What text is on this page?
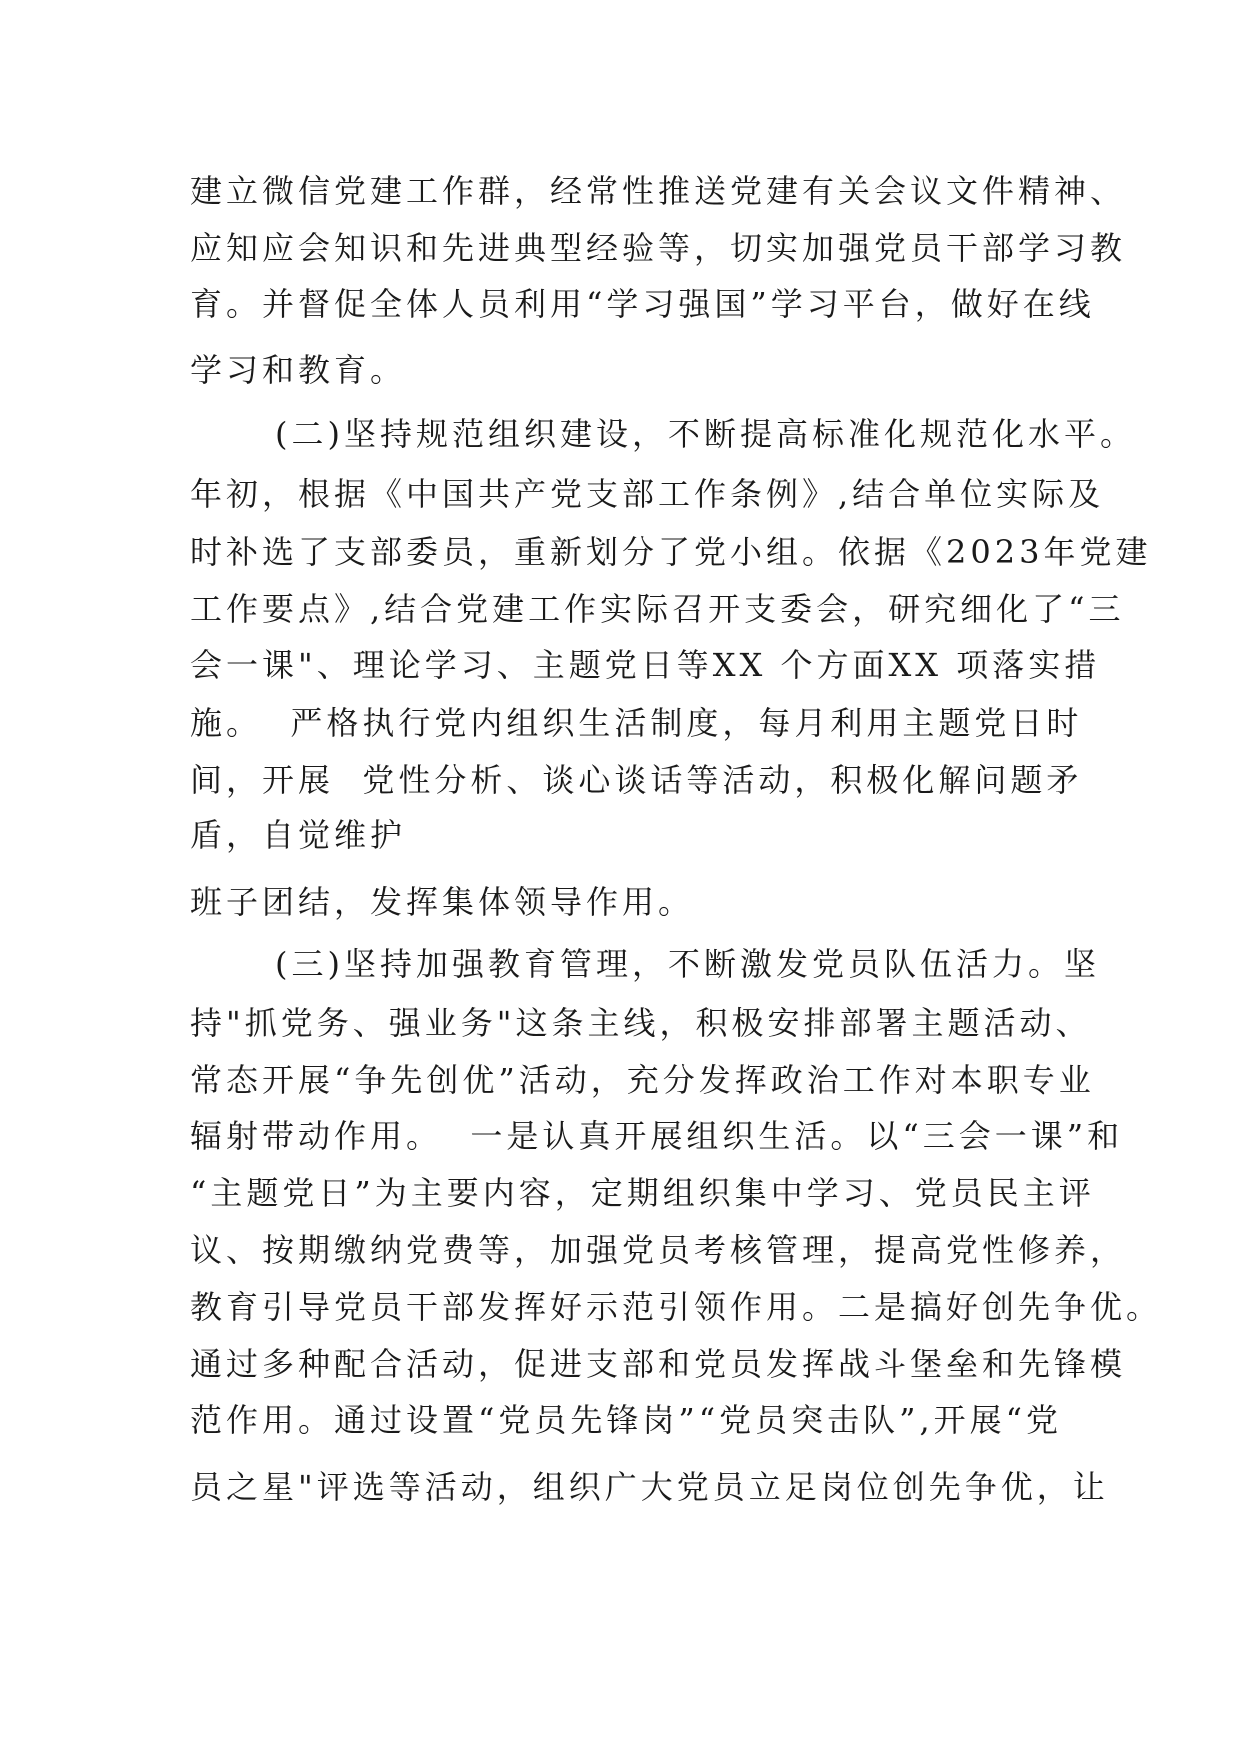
建立微信党建工作群，经常性推送党建有关会议文件精神、
应知应会知识和先进典型经验等，切实加强党员干部学习教
育。并督促全体人员利用“学习强国”学习平台，做好在线
学习和教育。
(二)坚持规范组织建设，不断提高标准化规范化水平。
年初，根据《中国共产党支部工作条例》,结合单位实际及
时补选了支部委员，重新划分了党小组。依据《2023年党建
工作要点》,结合党建工作实际召开支委会，研究细化了“三
会一课"、理论学习、主题党日等XX 个方面XX 项落实措
施。  严格执行党内组织生活制度，每月利用主题党日时
间，开展  党性分析、谈心谈话等活动，积极化解问题矛
盾，自觉维护
班子团结，发挥集体领导作用。
(三)坚持加强教育管理，不断激发党员队伍活力。坚
持"抓党务、强业务"这条主线，积极安排部署主题活动、
常态开展“争先创优”活动，充分发挥政治工作对本职专业
辐射带动作用。  一是认真开展组织生活。以“三会一课”和
“主题党日”为主要内容，定期组织集中学习、党员民主评
议、按期缴纳党费等，加强党员考核管理，提高党性修养，
教育引导党员干部发挥好示范引领作用。二是搞好创先争优。
通过多种配合活动，促进支部和党员发挥战斗堡垒和先锋模
范作用。通过设置“党员先锋岗”“党员突击队”,开展“党
员之星"评选等活动，组织广大党员立足岗位创先争优，让
